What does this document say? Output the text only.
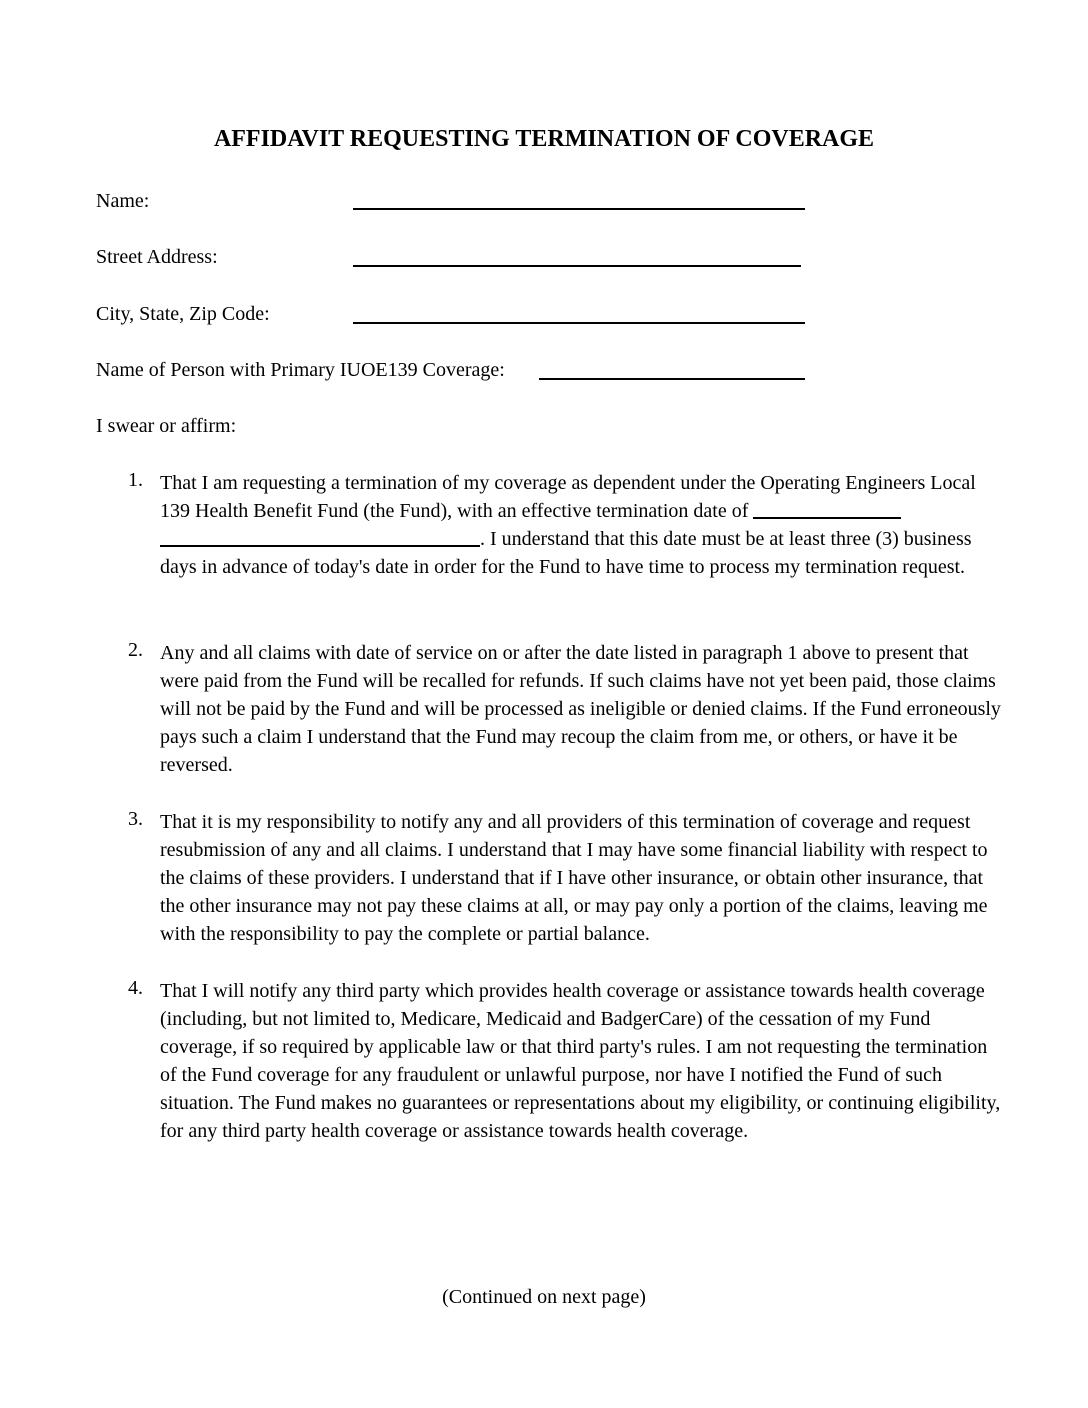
AFFIDAVIT REQUESTING TERMINATION OF COVERAGE
Name:
Street Address:
City, State, Zip Code:
Name of Person with Primary IUOE139 Coverage:
I swear or affirm:
1. That I am requesting a termination of my coverage as dependent under the Operating Engineers Local 139 Health Benefit Fund (the Fund), with an effective termination date of  . I understand that this date must be at least three (3) business days in advance of today's date in order for the Fund to have time to process my termination request.
2. Any and all claims with date of service on or after the date listed in paragraph 1 above to present that were paid from the Fund will be recalled for refunds. If such claims have not yet been paid, those claims will not be paid by the Fund and will be processed as ineligible or denied claims. If the Fund erroneously pays such a claim I understand that the Fund may recoup the claim from me, or others, or have it be reversed.
3. That it is my responsibility to notify any and all providers of this termination of coverage and request resubmission of any and all claims. I understand that I may have some financial liability with respect to the claims of these providers. I understand that if I have other insurance, or obtain other insurance, that the other insurance may not pay these claims at all, or may pay only a portion of the claims, leaving me with the responsibility to pay the complete or partial balance.
4. That I will notify any third party which provides health coverage or assistance towards health coverage (including, but not limited to, Medicare, Medicaid and BadgerCare) of the cessation of my Fund coverage, if so required by applicable law or that third party's rules. I am not requesting the termination of the Fund coverage for any fraudulent or unlawful purpose, nor have I notified the Fund of such situation. The Fund makes no guarantees or representations about my eligibility, or continuing eligibility, for any third party health coverage or assistance towards health coverage.
(Continued on next page)
